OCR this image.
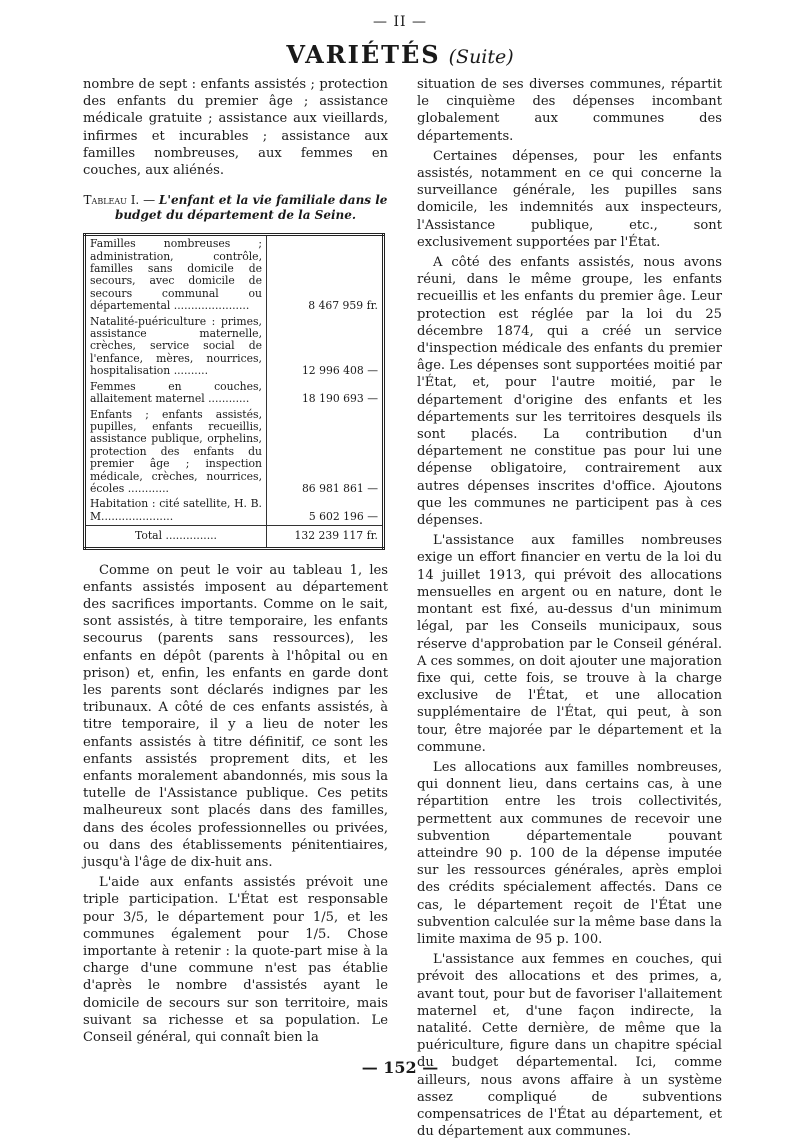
— II —
VARIÉTÉS (Suite)

nombre de sept : enfants assistés ; protection des enfants du premier âge ; assistance médicale gratuite ; assistance aux vieillards, infirmes et incurables ; assistance aux familles nombreuses, aux femmes en couches, aux aliénés.

Tableau I. — L'enfant et la vie familiale dans le budget du département de la Seine.
Familles nombreuses ; administration, contrôle, familles sans domicile de secours, avec domicile de secours communal ou départemental ......................	8 467 959 fr.
Natalité-puériculture : primes, assistance maternelle, crèches, service social de l'enfance, mères, nourrices, hospitalisation ..........	12 996 408 —
Femmes en couches, allaitement maternel ............	18 190 693 —
Enfants ; enfants assistés, pupilles, enfants recueillis, assistance publique, orphelins, protection des enfants du premier âge ; inspection médicale, crèches, nourrices, écoles ............	86 981 861 —
Habitation : cité satellite, H. B. M.....................	5 602 196 —
Total ...............	132 239 117 fr.

Comme on peut le voir au tableau 1, les enfants assistés imposent au département des sacrifices importants. Comme on le sait, sont assistés, à titre temporaire, les enfants secourus (parents sans ressources), les enfants en dépôt (parents à l'hôpital ou en prison) et, enfin, les enfants en garde dont les parents sont déclarés indignes par les tribunaux. A côté de ces enfants assistés, à titre temporaire, il y a lieu de noter les enfants assistés à titre définitif, ce sont les enfants assistés proprement dits, et les enfants moralement abandonnés, mis sous la tutelle de l'Assistance publique. Ces petits malheureux sont placés dans des familles, dans des écoles professionnelles ou privées, ou dans des établissements pénitentiaires, jusqu'à l'âge de dix-huit ans.

L'aide aux enfants assistés prévoit une triple participation. L'État est responsable pour 3/5, le département pour 1/5, et les communes également pour 1/5. Chose importante à retenir : la quote-part mise à la charge d'une commune n'est pas établie d'après le nombre d'assistés ayant le domicile de secours sur son territoire, mais suivant sa richesse et sa population. Le Conseil général, qui connaît bien la

situation de ses diverses communes, répartit le cinquième des dépenses incombant globalement aux communes des départements.

Certaines dépenses, pour les enfants assistés, notamment en ce qui concerne la surveillance générale, les pupilles sans domicile, les indemnités aux inspecteurs, l'Assistance publique, etc., sont exclusivement supportées par l'État.

A côté des enfants assistés, nous avons réuni, dans le même groupe, les enfants recueillis et les enfants du premier âge. Leur protection est réglée par la loi du 25 décembre 1874, qui a créé un service d'inspection médicale des enfants du premier âge. Les dépenses sont supportées moitié par l'État, et, pour l'autre moitié, par le département d'origine des enfants et les départements sur les territoires desquels ils sont placés. La contribution d'un département ne constitue pas pour lui une dépense obligatoire, contrairement aux autres dépenses inscrites d'office. Ajoutons que les communes ne participent pas à ces dépenses.

L'assistance aux familles nombreuses exige un effort financier en vertu de la loi du 14 juillet 1913, qui prévoit des allocations mensuelles en argent ou en nature, dont le montant est fixé, au-dessus d'un minimum légal, par les Conseils municipaux, sous réserve d'approbation par le Conseil général. A ces sommes, on doit ajouter une majoration fixe qui, cette fois, se trouve à la charge exclusive de l'État, et une allocation supplémentaire de l'État, qui peut, à son tour, être majorée par le département et la commune.

Les allocations aux familles nombreuses, qui donnent lieu, dans certains cas, à une répartition entre les trois collectivités, permettent aux communes de recevoir une subvention départementale pouvant atteindre 90 p. 100 de la dépense imputée sur les ressources générales, après emploi des crédits spécialement affectés. Dans ce cas, le département reçoit de l'État une subvention calculée sur la même base dans la limite maxima de 95 p. 100.

L'assistance aux femmes en couches, qui prévoit des allocations et des primes, a, avant tout, pour but de favoriser l'allaitement maternel et, d'une façon indirecte, la natalité. Cette dernière, de même que la puériculture, figure dans un chapitre spécial du budget départemental. Ici, comme ailleurs, nous avons affaire à un système assez compliqué de subventions compensatrices de l'État au département, et du département aux communes.

— 152 —
